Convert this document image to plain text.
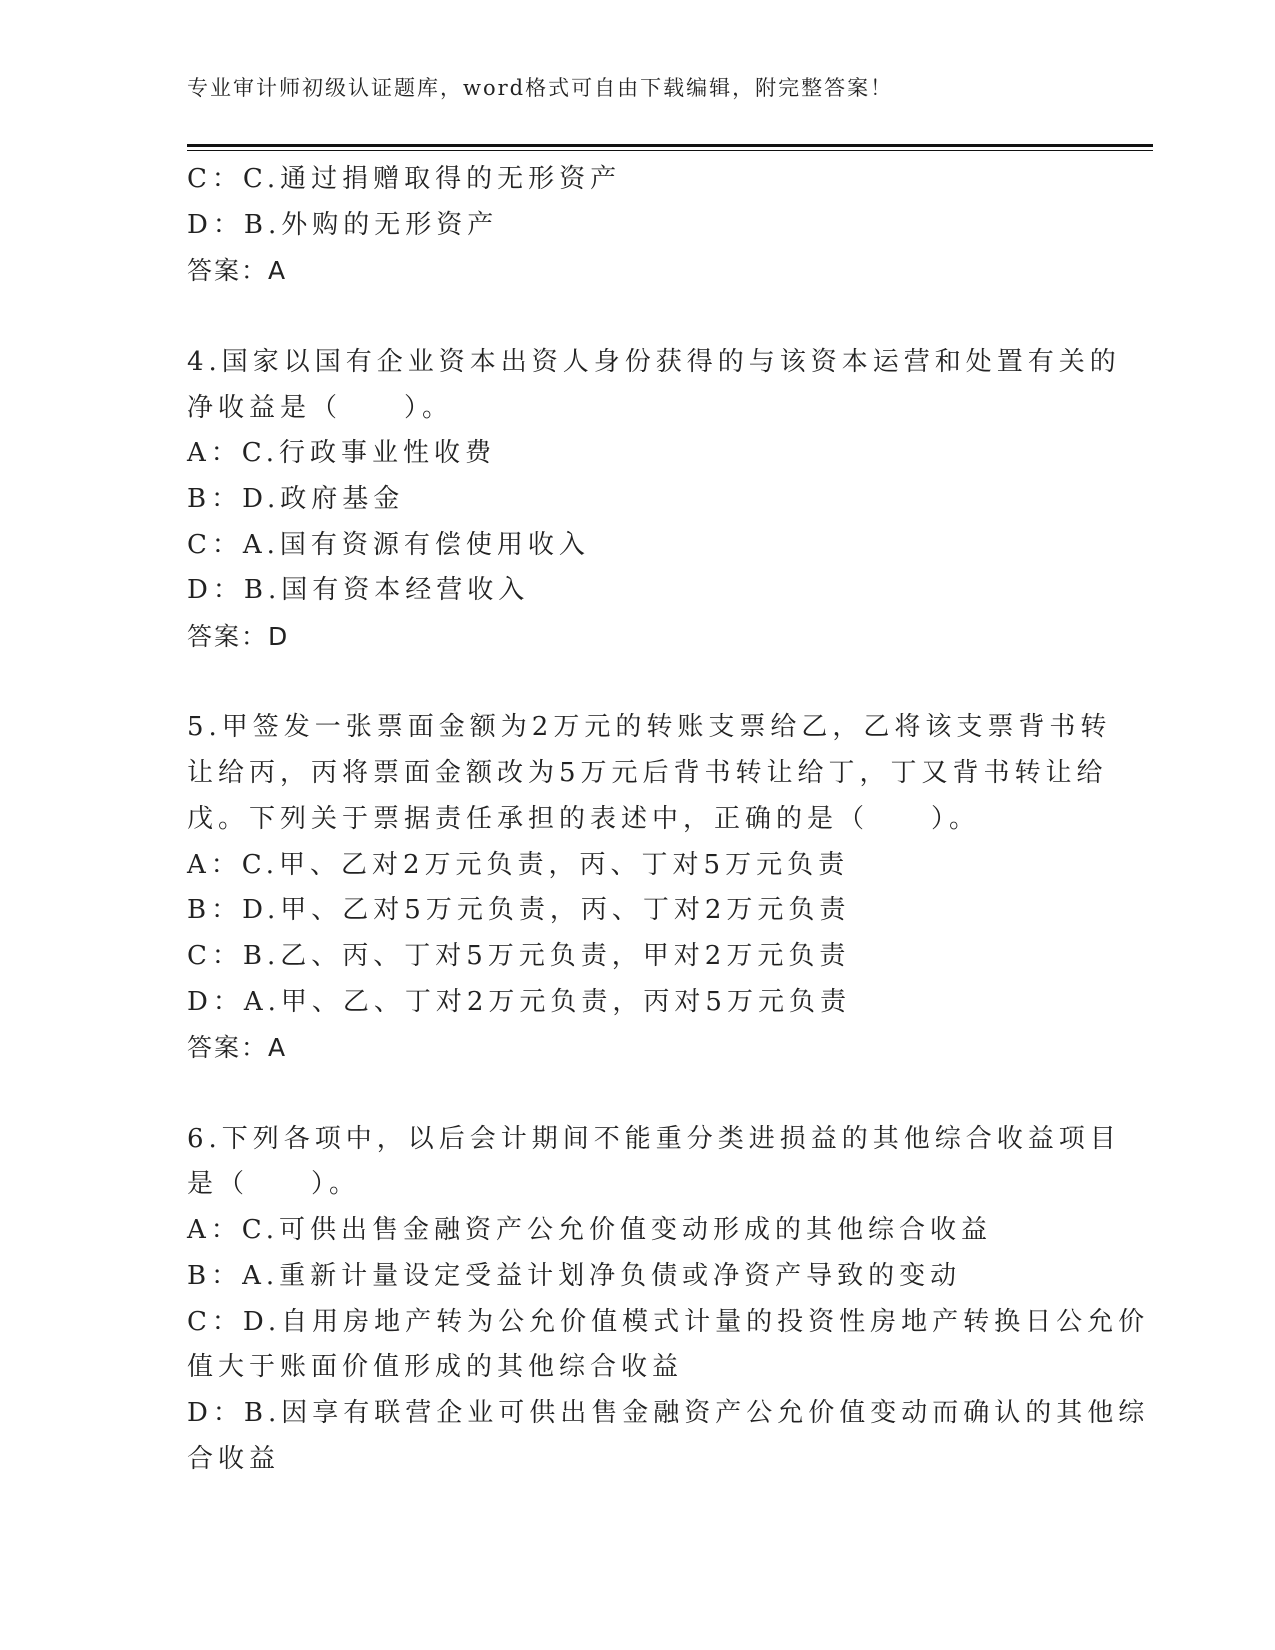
专业审计师初级认证题库，word格式可自由下载编辑，附完整答案！
C：C.通过捐赠取得的无形资产
D：B.外购的无形资产
答案：A
4.国家以国有企业资本出资人身份获得的与该资本运营和处置有关的
净收益是（　　）。
A：C.行政事业性收费
B：D.政府基金
C：A.国有资源有偿使用收入
D：B.国有资本经营收入
答案：D
5.甲签发一张票面金额为2万元的转账支票给乙，乙将该支票背书转
让给丙，丙将票面金额改为5万元后背书转让给丁，丁又背书转让给
戊。下列关于票据责任承担的表述中，正确的是（　　）。
A：C.甲、乙对2万元负责，丙、丁对5万元负责
B：D.甲、乙对5万元负责，丙、丁对2万元负责
C：B.乙、丙、丁对5万元负责，甲对2万元负责
D：A.甲、乙、丁对2万元负责，丙对5万元负责
答案：A
6.下列各项中，以后会计期间不能重分类进损益的其他综合收益项目
是（　　）。
A：C.可供出售金融资产公允价值变动形成的其他综合收益
B：A.重新计量设定受益计划净负债或净资产导致的变动
C：D.自用房地产转为公允价值模式计量的投资性房地产转换日公允价
值大于账面价值形成的其他综合收益
D：B.因享有联营企业可供出售金融资产公允价值变动而确认的其他综
合收益
